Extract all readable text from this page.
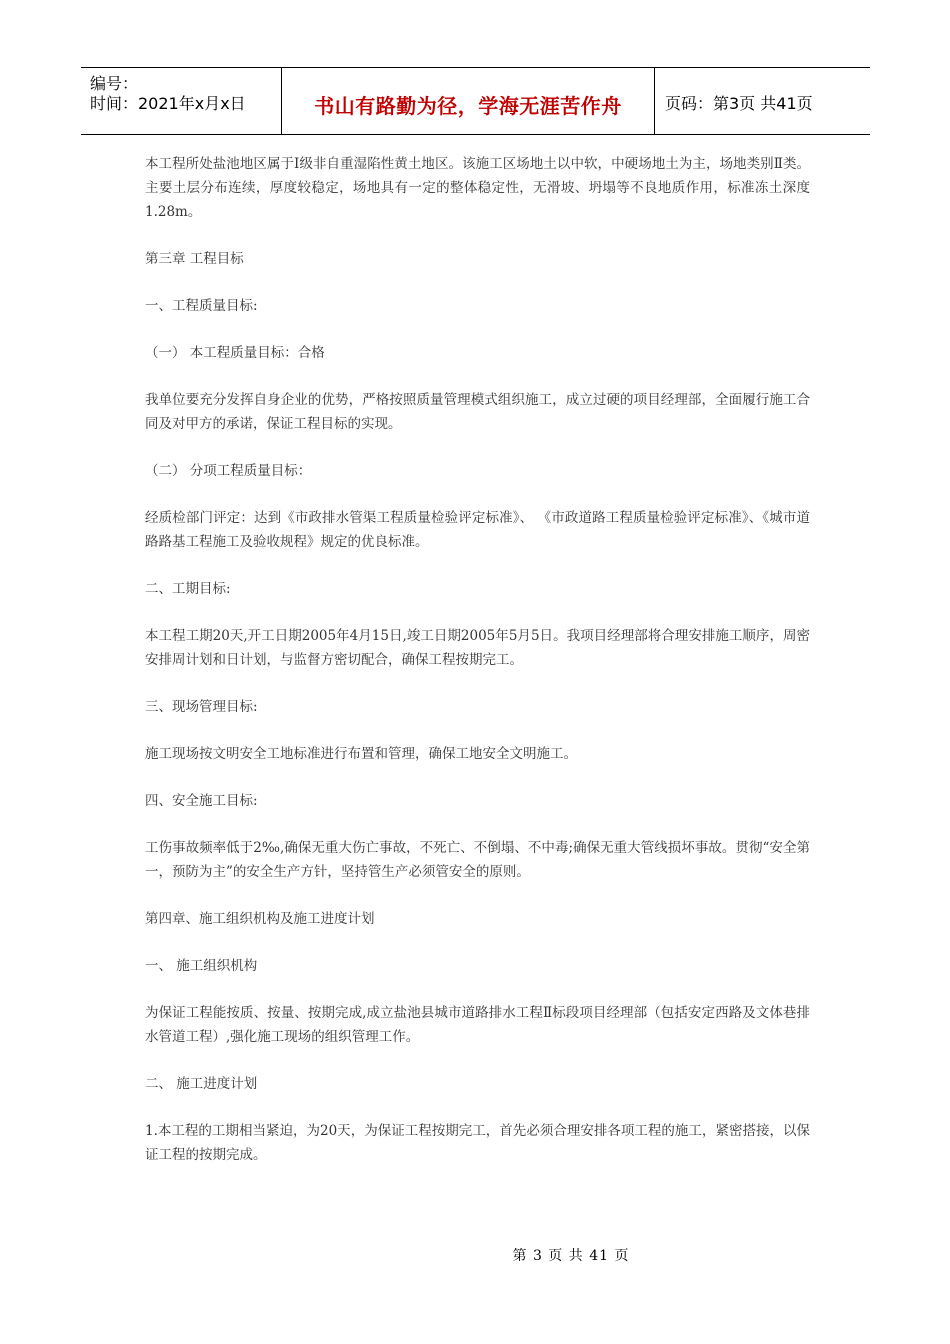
编号：
时间：2021年x月x日	书山有路勤为径，学海无涯苦作舟	页码：第3页 共41页

本工程所处盐池地区属于Ⅰ级非自重湿陷性黄土地区。该施工区场地土以中软，中硬场地土为主，场地类别Ⅱ类。主要土层分布连续，厚度较稳定，场地具有一定的整体稳定性，无滑坡、坍塌等不良地质作用，标准冻土深度1.28m。

第三章 工程目标

一、工程质量目标:

（一） 本工程质量目标：合格

我单位要充分发挥自身企业的优势，严格按照质量管理模式组织施工，成立过硬的项目经理部，全面履行施工合同及对甲方的承诺，保证工程目标的实现。

（二） 分项工程质量目标：

经质检部门评定：达到《市政排水管渠工程质量检验评定标准》、 《市政道路工程质量检验评定标准》、《城市道路路基工程施工及验收规程》规定的优良标准。

二、工期目标:

本工程工期20天,开工日期2005年4月15日,竣工日期2005年5月5日。我项目经理部将合理安排施工顺序，周密安排周计划和日计划，与监督方密切配合，确保工程按期完工。

三、现场管理目标:

施工现场按文明安全工地标准进行布置和管理，确保工地安全文明施工。

四、安全施工目标:

工伤事故频率低于2‰,确保无重大伤亡事故，不死亡、不倒塌、不中毒;确保无重大管线损坏事故。贯彻“安全第一，预防为主”的安全生产方针，坚持管生产必须管安全的原则。

第四章、施工组织机构及施工进度计划

一、 施工组织机构

为保证工程能按质、按量、按期完成,成立盐池县城市道路排水工程Ⅱ标段项目经理部（包括安定西路及文体巷排水管道工程）,强化施工现场的组织管理工作。

二、 施工进度计划

1.本工程的工期相当紧迫，为20天，为保证工程按期完工，首先必须合理安排各项工程的施工，紧密搭接，以保证工程的按期完成。

第 3 页 共 41 页
